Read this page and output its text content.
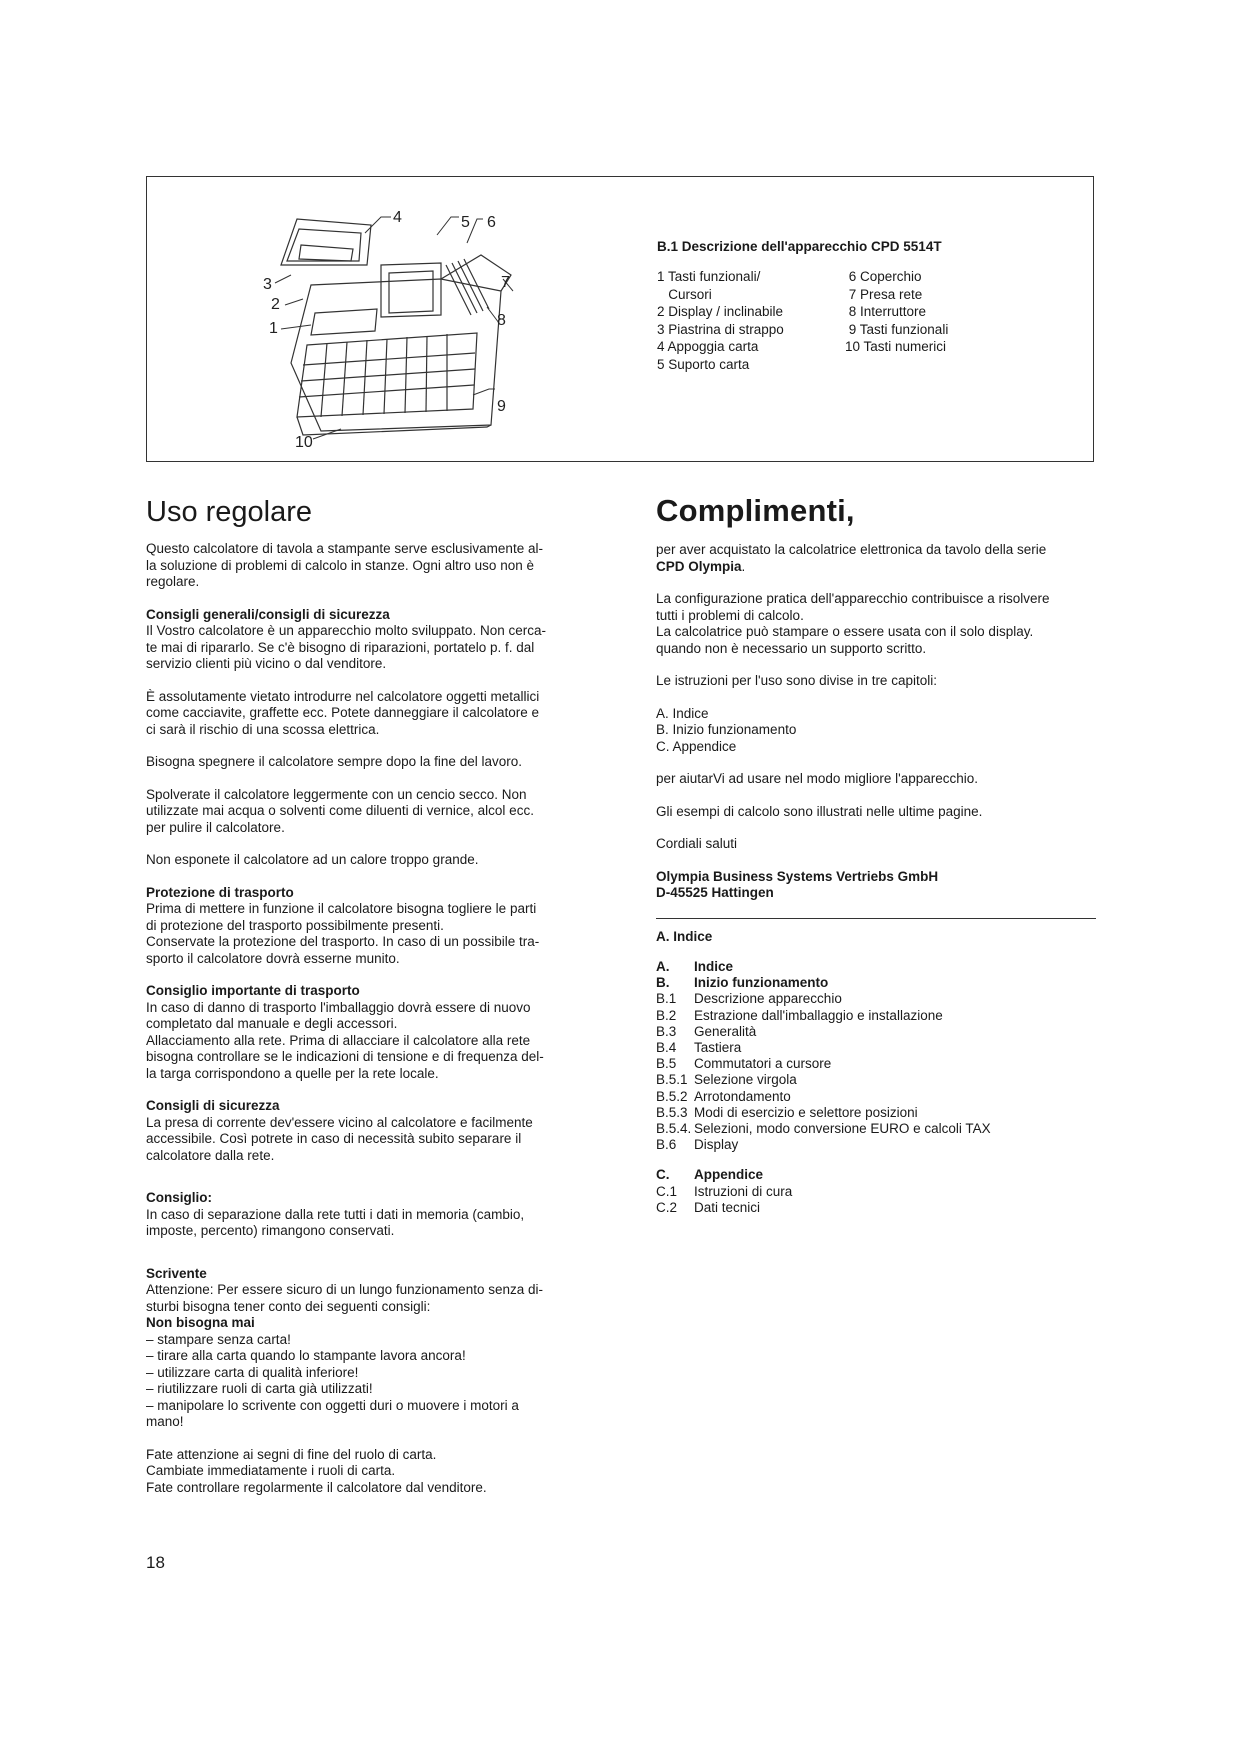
4	5 6
7
8
3
2
1
9
10
B.1 Descrizione dell'apparecchio CPD 5514T
1 Tasti funzionali/
Cursori
2 Display / inclinabile
3 Piastrina di strappo
4 Appoggia carta
5 Suporto carta
6 Coperchio
7 Presa rete
8 Interruttore
9 Tasti funzionali
10 Tasti numerici
Uso regolare

Questo calcolatore di tavola a stampante serve esclusivamente al-
la soluzione di problemi di calcolo in stanze. Ogni altro uso non è
regolare.

Consigli generali/consigli di sicurezza

Il Vostro calcolatore è un apparecchio molto sviluppato. Non cerca-
te mai di ripararlo. Se c'è bisogno di riparazioni, portatelo p. f. dal
servizio clienti più vicino o dal venditore.

È assolutamente vietato introdurre nel calcolatore oggetti metallici
come cacciavite, graffette ecc. Potete danneggiare il calcolatore e
ci sarà il rischio di una scossa elettrica.

Bisogna spegnere il calcolatore sempre dopo la fine del lavoro.

Spolverate il calcolatore leggermente con un cencio secco. Non
utilizzate mai acqua o solventi come diluenti di vernice, alcol ecc.
per pulire il calcolatore.

Non esponete il calcolatore ad un calore troppo grande.

Protezione di trasporto

Prima di mettere in funzione il calcolatore bisogna togliere le parti
di protezione del trasporto possibilmente presenti.
Conservate la protezione del trasporto. In caso di un possibile tra-
sporto il calcolatore dovrà esserne munito.

Consiglio importante di trasporto

In caso di danno di trasporto l'imballaggio dovrà essere di nuovo
completato dal manuale e degli accessori.
Allacciamento alla rete. Prima di allacciare il calcolatore alla rete
bisogna controllare se le indicazioni di tensione e di frequenza del-
la targa corrispondono a quelle per la rete locale.

Consigli di sicurezza

La presa di corrente dev'essere vicino al calcolatore e facilmente
accessibile. Così potrete in caso di necessità subito separare il
calcolatore dalla rete.

Consiglio:

In caso di separazione dalla rete tutti i dati in memoria (cambio,
imposte, percento) rimangono conservati.

Scrivente
Attenzione: Per essere sicuro di un lungo funzionamento senza di-
sturbi bisogna tener conto dei seguenti consigli:
Non bisogna mai

– stampare senza carta!
– tirare alla carta quando lo stampante lavora ancora!
– utilizzare carta di qualità inferiore!
– riutilizzare ruoli di carta già utilizzati!
– manipolare lo scrivente con oggetti duri o muovere i motori a
mano!

Fate attenzione ai segni di fine del ruolo di carta.
Cambiate immediatamente i ruoli di carta.
Fate controllare regolarmente il calcolatore dal venditore.

Complimenti,

per aver acquistato la calcolatrice elettronica da tavolo della serie
CPD Olympia.

La configurazione pratica dell'apparecchio contribuisce a risolvere
tutti i problemi di calcolo.
La calcolatrice può stampare o essere usata con il solo display.
quando non è necessario un supporto scritto.

Le istruzioni per l'uso sono divise in tre capitoli:

A. Indice
B. Inizio funzionamento
C. Appendice

per aiutarVi ad usare nel modo migliore l'apparecchio.

Gli esempi di calcolo sono illustrati nelle ultime pagine.

Cordiali saluti

Olympia Business Systems Vertriebs GmbH
D-45525 Hattingen

A. Indice
A.	Indice
B.	Inizio funzionamento
B.1	Descrizione apparecchio
B.2	Estrazione dall'imballaggio e installazione
B.3	Generalità
B.4	Tastiera
B.5	Commutatori a cursore
B.5.1 Selezione virgola
B.5.2 Arrotondamento
B.5.3 Modi di esercizio e selettore posizioni
B.5.4. Selezioni, modo conversione EURO e calcoli TAX
B.6	Display
C.	Appendice
C.1	Istruzioni di cura
C.2	Dati tecnici
18
